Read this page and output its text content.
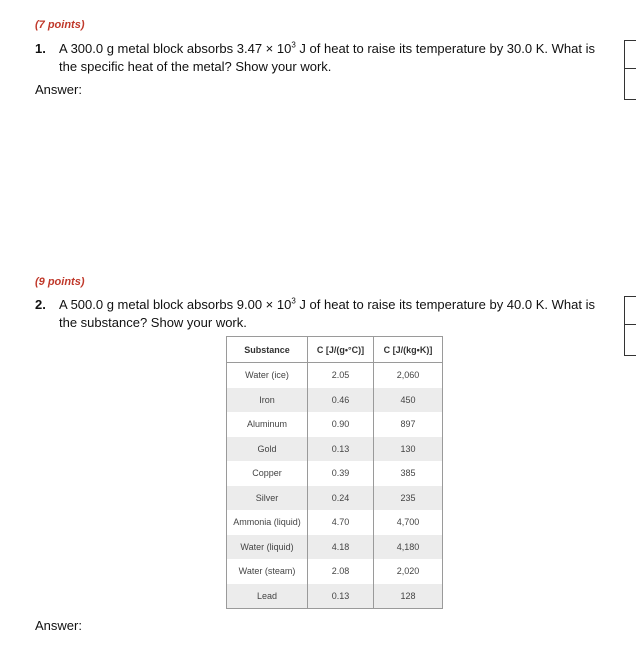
(7 points)
1. A 300.0 g metal block absorbs $3.47 \times 10^3$ J of heat to raise its temperature by 30.0 K. What is the specific heat of the metal? Show your work.
Answer:
(9 points)
2. A 500.0 g metal block absorbs $9.00 \times 10^3$ J of heat to raise its temperature by 40.0 K. What is the substance? Show your work.
Substance	C [J/(g•°C)]	C [J/(kg•K)]
Water (ice)	2.05	2,060
Iron	0.46	450
Aluminum	0.90	897
Gold	0.13	130
Copper	0.39	385
Silver	0.24	235
Ammonia (liquid)	4.70	4,700
Water (liquid)	4.18	4,180
Water (steam)	2.08	2,020
Lead	0.13	128
Answer:
